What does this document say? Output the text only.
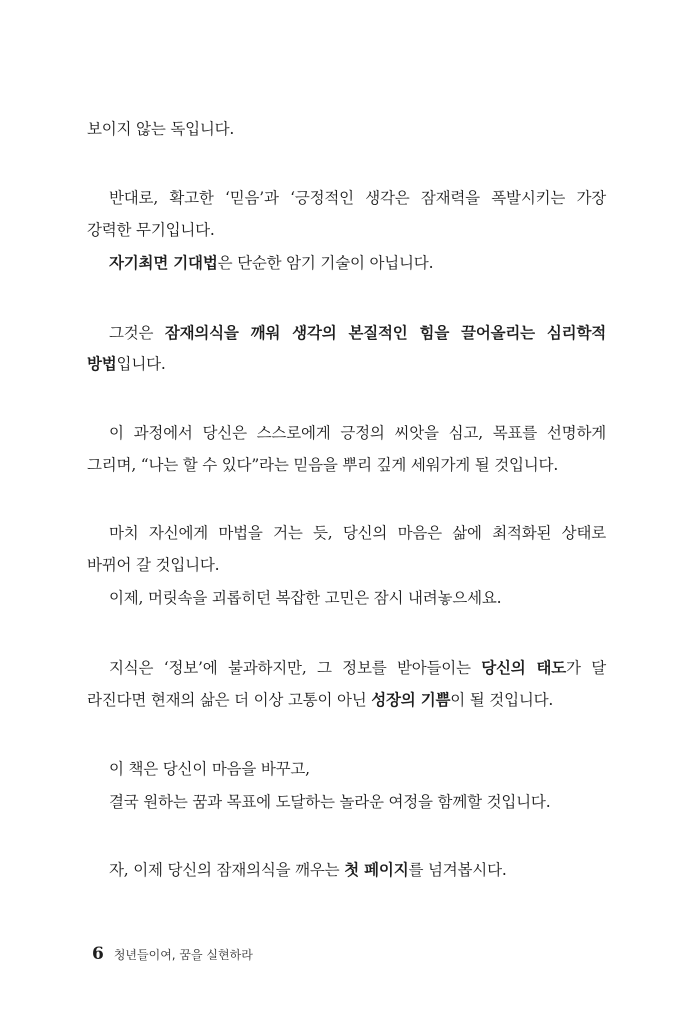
보이지 않는 독입니다.
반대로, 확고한 ‘믿음’과 ‘긍정적인 생각은 잠재력을 폭발시키는 가장
강력한 무기입니다.
자기최면 기대법은 단순한 암기 기술이 아닙니다.
그것은 잠재의식을 깨워 생각의 본질적인 힘을 끌어올리는 심리학적
방법입니다.
이 과정에서 당신은 스스로에게 긍정의 씨앗을 심고, 목표를 선명하게
그리며, “나는 할 수 있다”라는 믿음을 뿌리 깊게 세워가게 될 것입니다.
마치 자신에게 마법을 거는 듯, 당신의 마음은 삶에 최적화된 상태로
바뀌어 갈 것입니다.
이제, 머릿속을 괴롭히던 복잡한 고민은 잠시 내려놓으세요.
지식은 ‘정보’에 불과하지만, 그 정보를 받아들이는 당신의 태도가 달
라진다면 현재의 삶은 더 이상 고통이 아닌 성장의 기쁨이 될 것입니다.
이 책은 당신이 마음을 바꾸고,
결국 원하는 꿈과 목표에 도달하는 놀라운 여정을 함께할 것입니다.
자, 이제 당신의 잠재의식을 깨우는 첫 페이지를 넘겨봅시다.
6 청년들이여, 꿈을 실현하라
